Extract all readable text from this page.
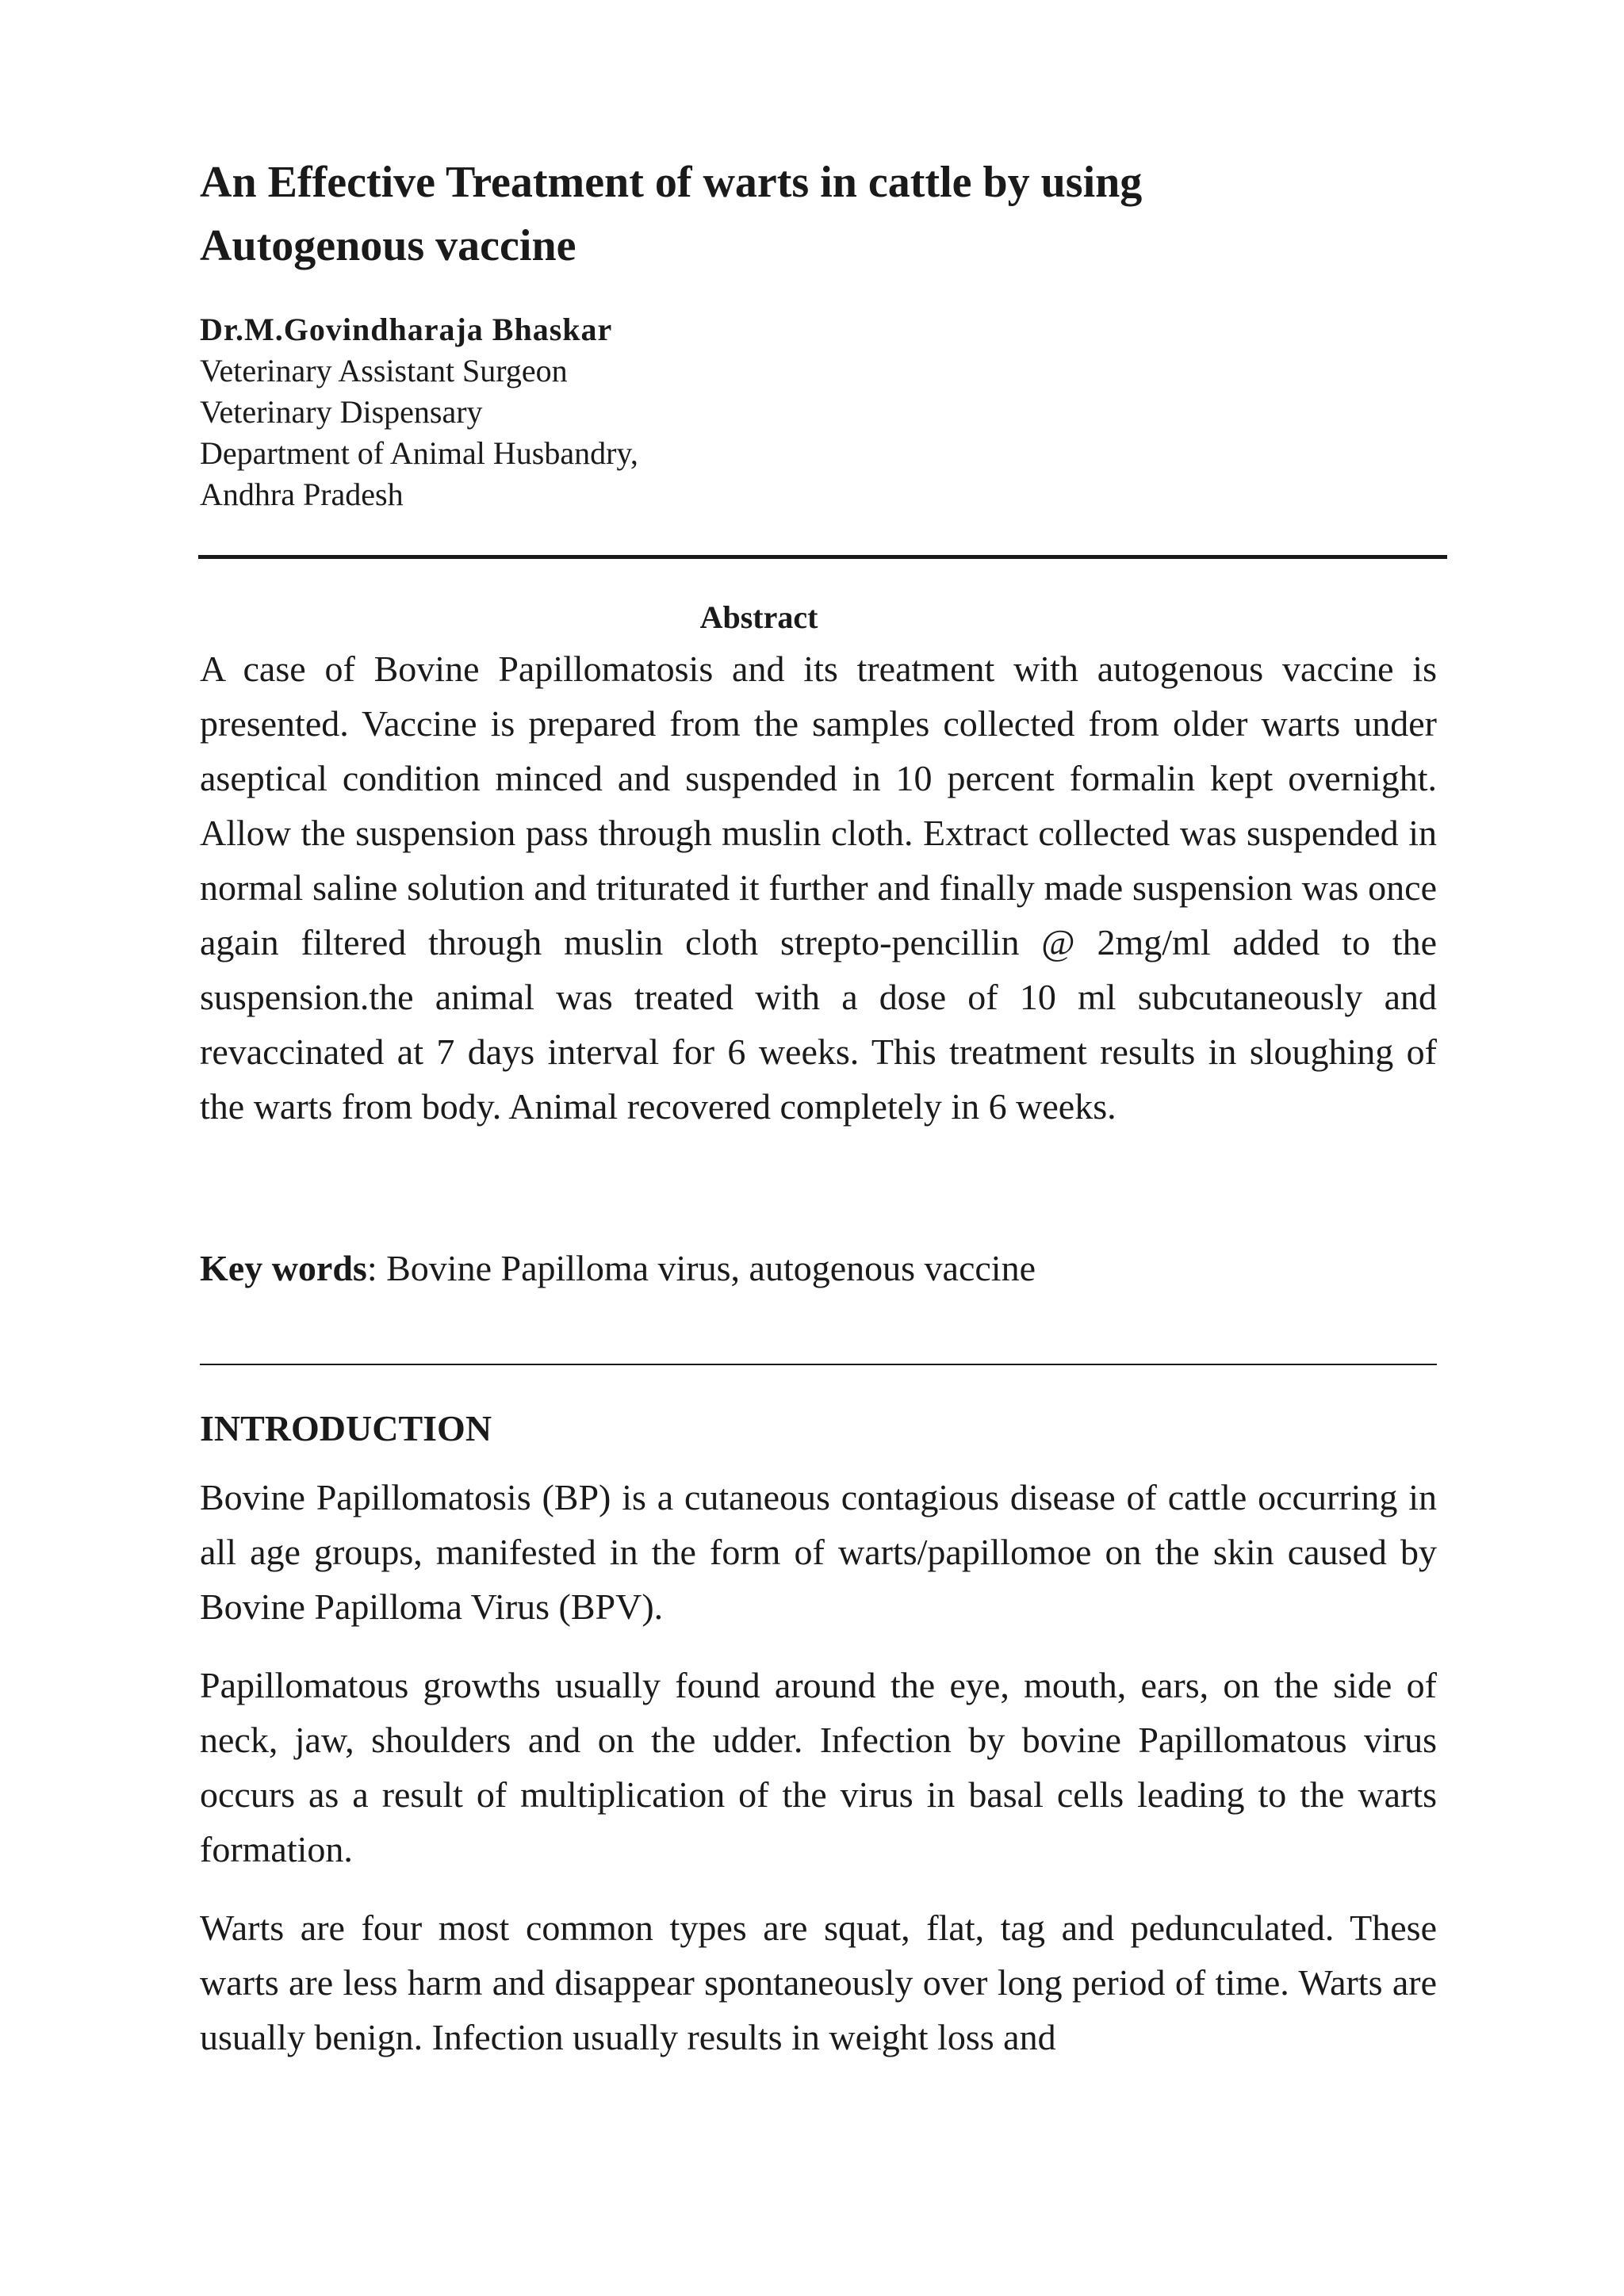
An Effective Treatment of warts in cattle by using Autogenous vaccine
Dr.M.Govindharaja Bhaskar
Veterinary Assistant Surgeon
Veterinary Dispensary
Department of Animal Husbandry,
Andhra Pradesh
Abstract
A case of Bovine Papillomatosis and its treatment with autogenous vaccine is presented. Vaccine is prepared from the samples collected from older warts under aseptical condition minced and suspended in 10 percent formalin kept overnight. Allow the suspension pass through muslin cloth. Extract collected was suspended in normal saline solution and triturated it further and finally made suspension was once again filtered through muslin cloth strepto-pencillin @ 2mg/ml added to the suspension.the animal was treated with a dose of 10 ml subcutaneously and revaccinated at 7 days interval for 6 weeks. This treatment results in sloughing of the warts from body. Animal recovered completely in 6 weeks.
Key words: Bovine Papilloma virus, autogenous vaccine
INTRODUCTION
Bovine Papillomatosis (BP) is a cutaneous contagious disease of cattle occurring in all age groups, manifested in the form of warts/papillomoe on the skin caused by Bovine Papilloma Virus (BPV).
Papillomatous growths usually found around the eye, mouth, ears, on the side of neck, jaw, shoulders and on the udder. Infection by bovine Papillomatous virus occurs as a result of multiplication of the virus in basal cells leading to the warts formation.
Warts are four most common types are squat, flat, tag and pedunculated. These warts are less harm and disappear spontaneously over long period of time. Warts are usually benign. Infection usually results in weight loss and
